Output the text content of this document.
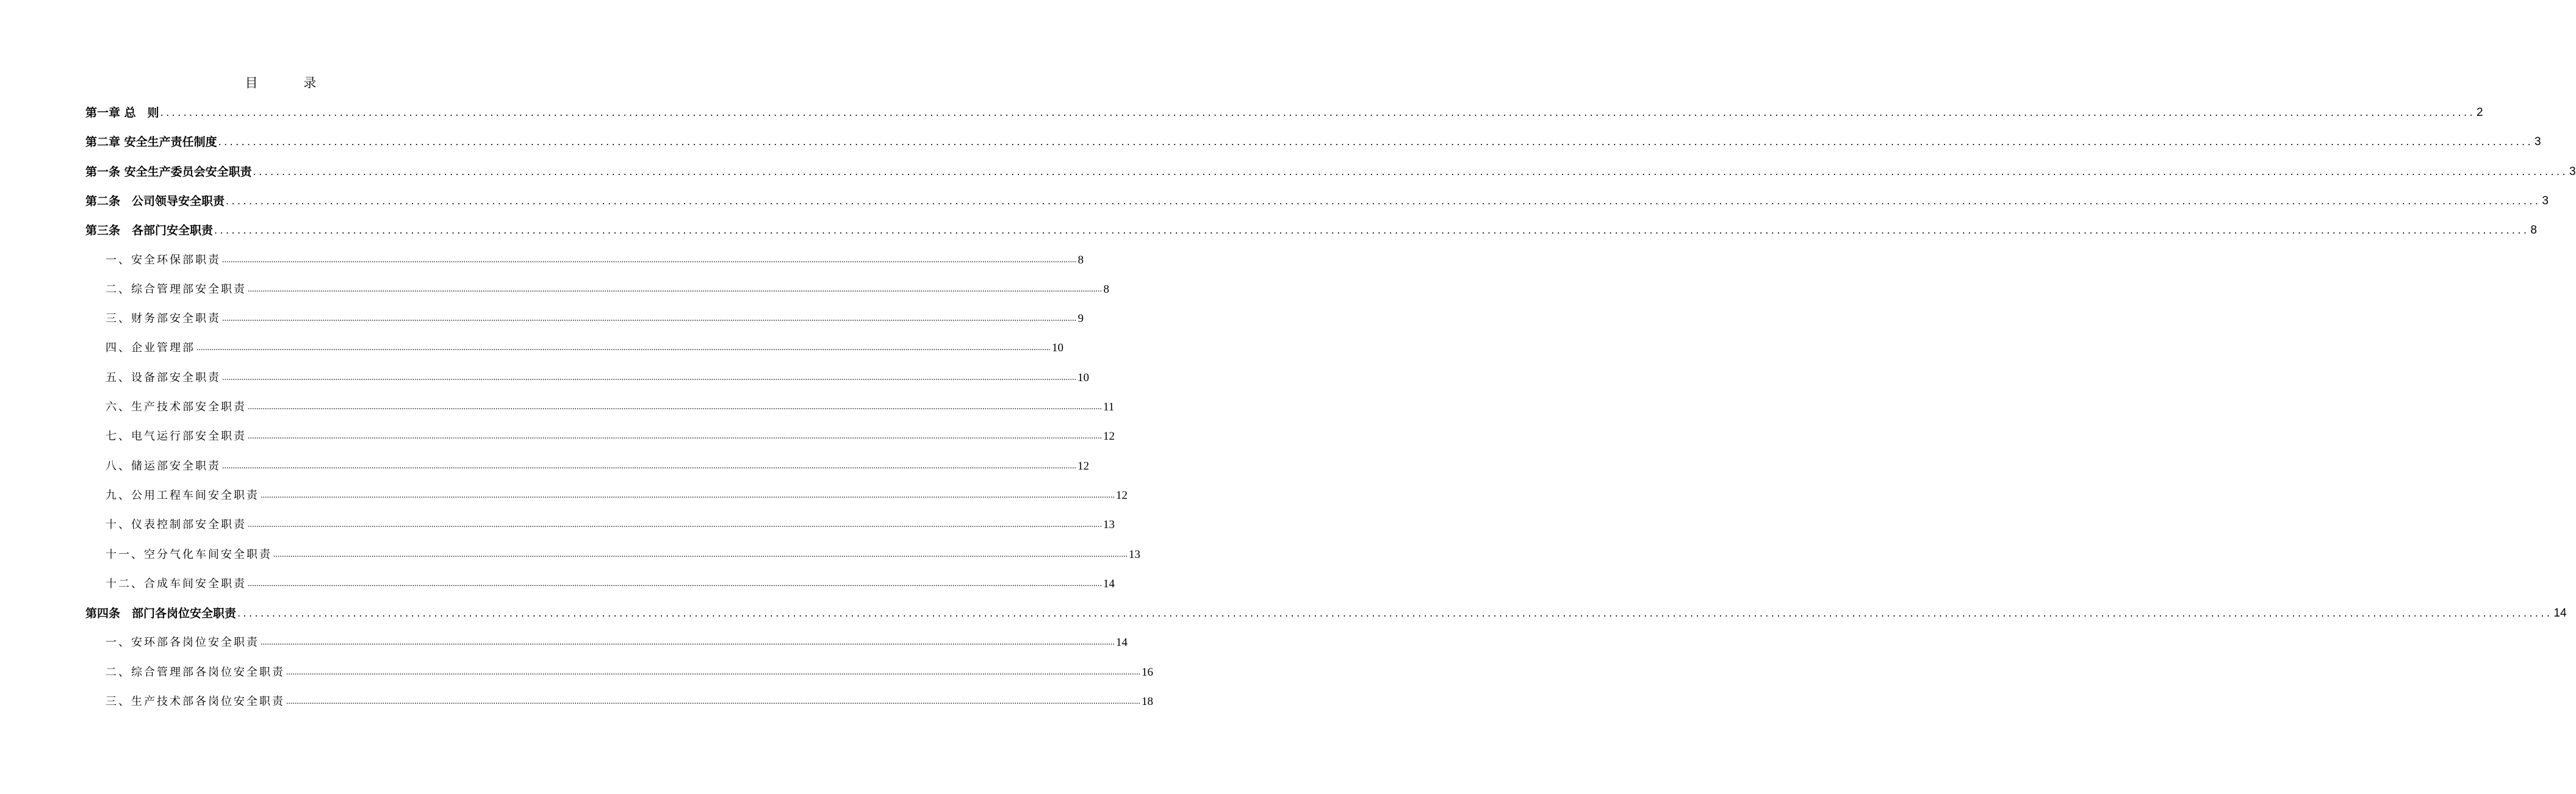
目 录
第一章 总　则 ................................................................................................................................................................................................................................................................................................................................................................................................................ 2
第二章 安全生产责任制度 ................................................................................................................................................................................................................................................................................................................................................................................................................ 3
第一条 安全生产委员会安全职责 ................................................................................................................................................................................................................................................................................................................................................................................................................ 3
第二条　公司领导安全职责 ................................................................................................................................................................................................................................................................................................................................................................................................................ 3
第三条　各部门安全职责 ................................................................................................................................................................................................................................................................................................................................................................................................................ 8
一、安全环保部职责 ................................................................................................................................................................................................................................................................................................................................................................................................................ 8
二、综合管理部安全职责 ................................................................................................................................................................................................................................................................................................................................................................................................................ 8
三、财务部安全职责 ................................................................................................................................................................................................................................................................................................................................................................................................................ 9
四、企业管理部 ................................................................................................................................................................................................................................................................................................................................................................................................................ 10
五、设备部安全职责 ................................................................................................................................................................................................................................................................................................................................................................................................................ 10
六、生产技术部安全职责 ................................................................................................................................................................................................................................................................................................................................................................................................................ 11
七、电气运行部安全职责 ................................................................................................................................................................................................................................................................................................................................................................................................................ 12
八、储运部安全职责 ................................................................................................................................................................................................................................................................................................................................................................................................................ 12
九、公用工程车间安全职责 ................................................................................................................................................................................................................................................................................................................................................................................................................ 12
十、仪表控制部安全职责 ................................................................................................................................................................................................................................................................................................................................................................................................................ 13
十一、空分气化车间安全职责 ................................................................................................................................................................................................................................................................................................................................................................................................................ 13
十二、合成车间安全职责 ................................................................................................................................................................................................................................................................................................................................................................................................................ 14
第四条　部门各岗位安全职责 ................................................................................................................................................................................................................................................................................................................................................................................................................ 14
一、安环部各岗位安全职责 ................................................................................................................................................................................................................................................................................................................................................................................................................ 14
二、综合管理部各岗位安全职责 ................................................................................................................................................................................................................................................................................................................................................................................................................ 16
三、生产技术部各岗位安全职责 ................................................................................................................................................................................................................................................................................................................................................................................................................ 18
